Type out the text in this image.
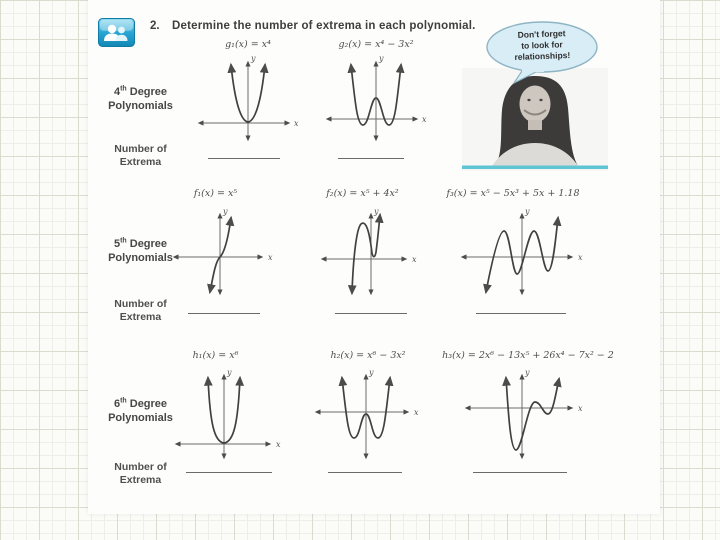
2. Determine the number of extrema in each polynomial.
4th Degree
Polynomials
g₁(x) = x⁴	g₂(x) = x⁴ − 3x²
y
x
y
x
Number of
Extrema
Don't forget
to look for
relationships!
5th Degree
Polynomials
f₁(x) = x⁵	f₂(x) = x⁵ + 4x²	f₃(x) = x⁵ − 5x³ + 5x + 1.18
y
x
y
x
y
x
Number of
Extrema
6th Degree
Polynomials
h₁(x) = x⁶	h₂(x) = x⁶ − 3x²	h₃(x) = 2x⁶ − 13x⁵ + 26x⁴ − 7x² − 2
y
x
y
x
y
x
Number of
Extrema
